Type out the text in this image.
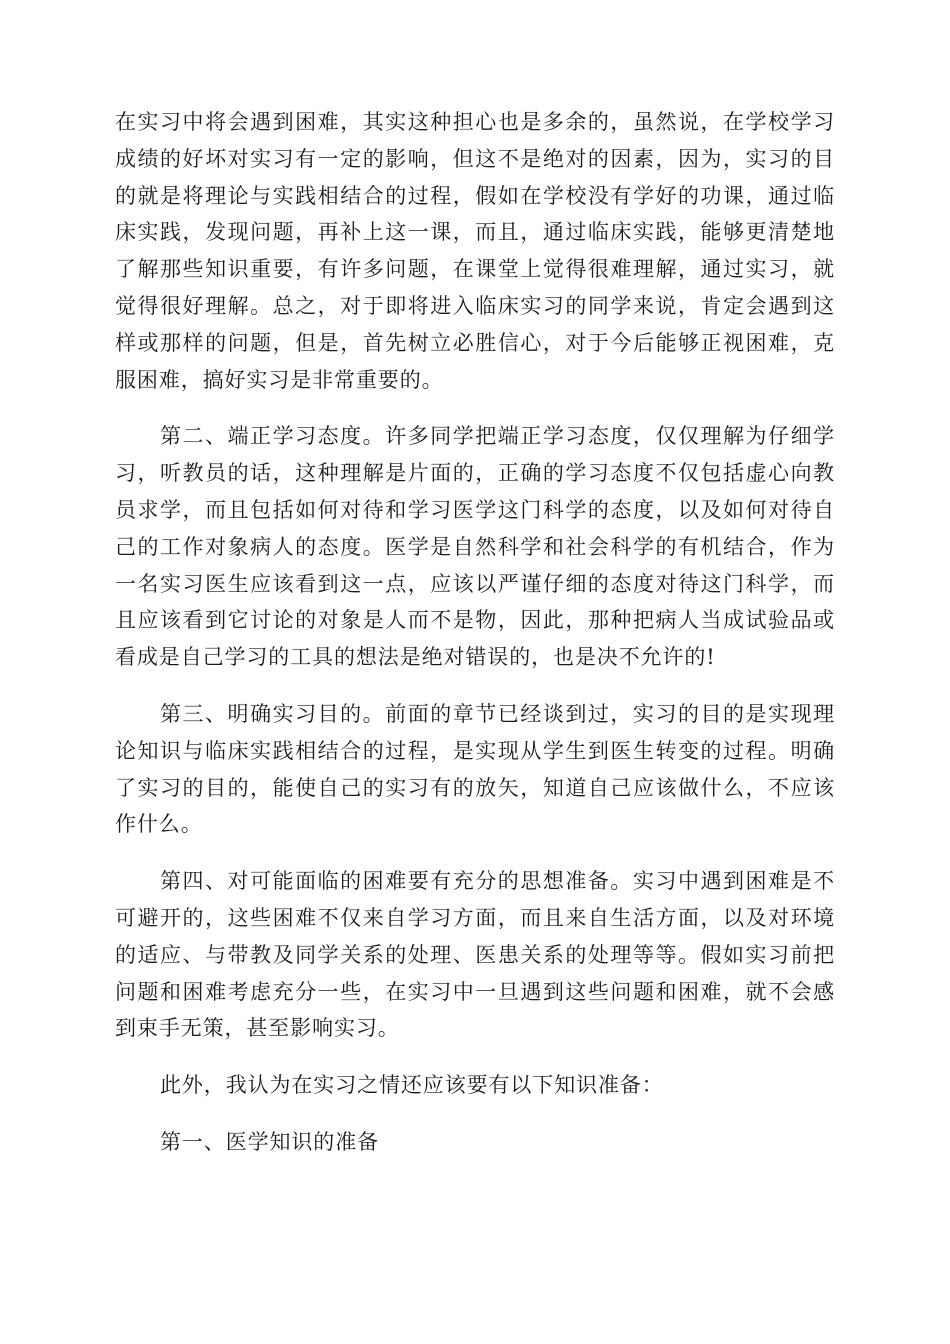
在实习中将会遇到困难，其实这种担心也是多余的，虽然说，在学校学习成绩的好坏对实习有一定的影响，但这不是绝对的因素，因为，实习的目的就是将理论与实践相结合的过程，假如在学校没有学好的功课，通过临床实践，发现问题，再补上这一课，而且，通过临床实践，能够更清楚地了解那些知识重要，有许多问题，在课堂上觉得很难理解，通过实习，就觉得很好理解。总之，对于即将进入临床实习的同学来说，肯定会遇到这样或那样的问题，但是，首先树立必胜信心，对于今后能够正视困难，克服困难，搞好实习是非常重要的。

第二、端正学习态度。许多同学把端正学习态度，仅仅理解为仔细学习，听教员的话，这种理解是片面的，正确的学习态度不仅包括虚心向教员求学，而且包括如何对待和学习医学这门科学的态度，以及如何对待自己的工作对象病人的态度。医学是自然科学和社会科学的有机结合，作为一名实习医生应该看到这一点，应该以严谨仔细的态度对待这门科学，而且应该看到它讨论的对象是人而不是物，因此，那种把病人当成试验品或看成是自己学习的工具的想法是绝对错误的，也是决不允许的!

第三、明确实习目的。前面的章节已经谈到过，实习的目的是实现理论知识与临床实践相结合的过程，是实现从学生到医生转变的过程。明确了实习的目的，能使自己的实习有的放矢，知道自己应该做什么，不应该作什么。

第四、对可能面临的困难要有充分的思想准备。实习中遇到困难是不可避开的，这些困难不仅来自学习方面，而且来自生活方面，以及对环境的适应、与带教及同学关系的处理、医患关系的处理等等。假如实习前把问题和困难考虑充分一些，在实习中一旦遇到这些问题和困难，就不会感到束手无策，甚至影响实习。

此外，我认为在实习之情还应该要有以下知识准备：

第一、医学知识的准备
